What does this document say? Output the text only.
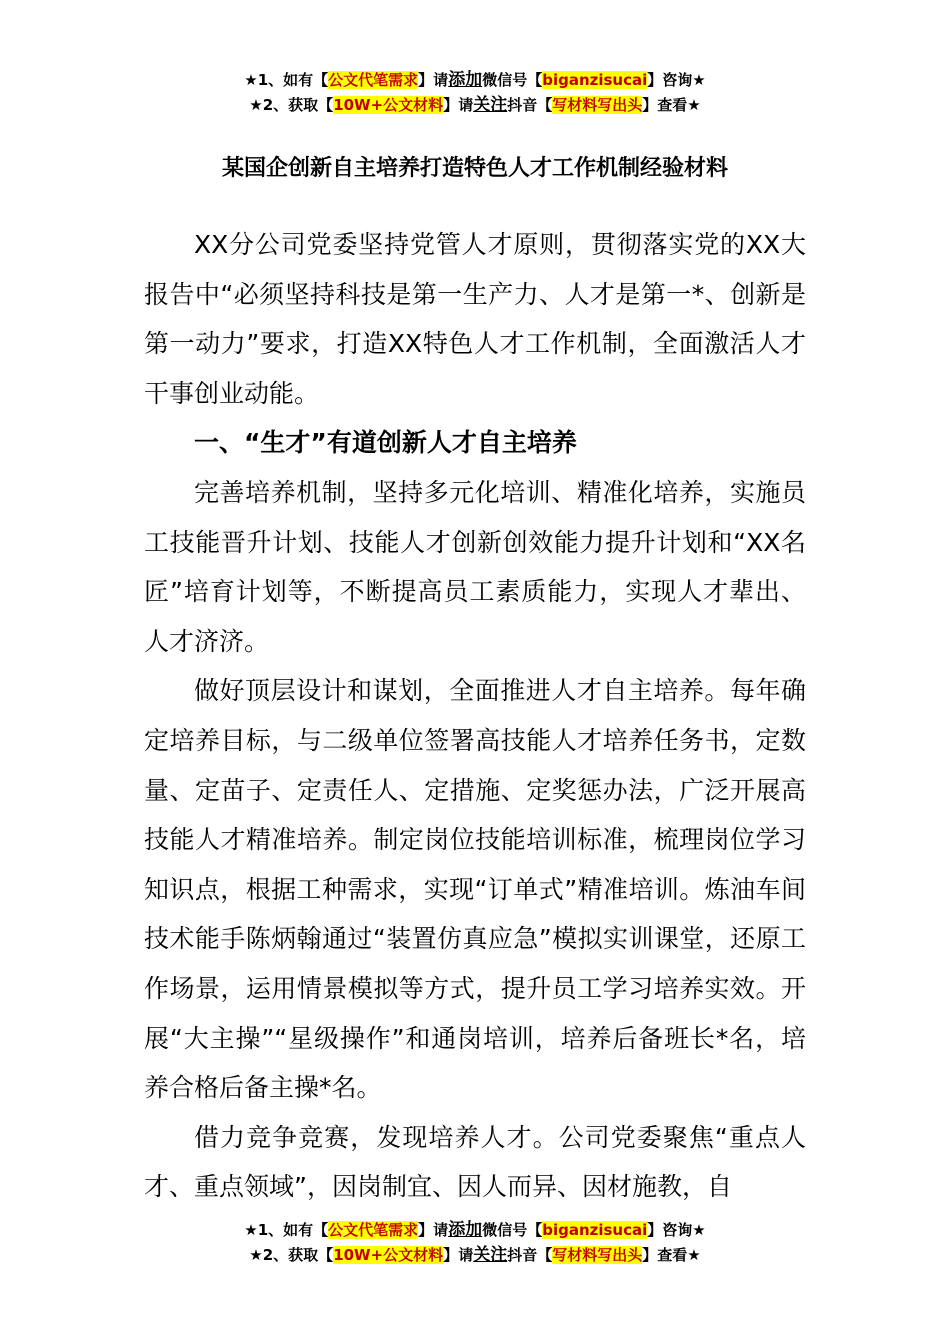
★1、如有【公文代笔需求】请添加微信号【biganzisucai】咨询★
★2、获取【10W+公文材料】请关注抖音【写材料写出头】查看★
某国企创新自主培养打造特色人才工作机制经验材料

XX分公司党委坚持党管人才原则，贯彻落实党的XX大报告中“必须坚持科技是第一生产力、人才是第一*、创新是第一动力”要求，打造XX特色人才工作机制，全面激活人才干事创业动能。

一、“生才”有道创新人才自主培养

完善培养机制，坚持多元化培训、精准化培养，实施员工技能晋升计划、技能人才创新创效能力提升计划和“XX名匠”培育计划等，不断提高员工素质能力，实现人才辈出、人才济济。

做好顶层设计和谋划，全面推进人才自主培养。每年确定培养目标，与二级单位签署高技能人才培养任务书，定数量、定苗子、定责任人、定措施、定奖惩办法，广泛开展高技能人才精准培养。制定岗位技能培训标准，梳理岗位学习知识点，根据工种需求，实现“订单式”精准培训。炼油车间技术能手陈炳翰通过“装置仿真应急”模拟实训课堂，还原工作场景，运用情景模拟等方式，提升员工学习培养实效。开展“大主操”“星级操作”和通岗培训，培养后备班长*名，培养合格后备主操*名。

借力竞争竞赛，发现培养人才。公司党委聚焦“重点人才、重点领域”，因岗制宜、因人而异、因材施教，自

★1、如有【公文代笔需求】请添加微信号【biganzisucai】咨询★
★2、获取【10W+公文材料】请关注抖音【写材料写出头】查看★
